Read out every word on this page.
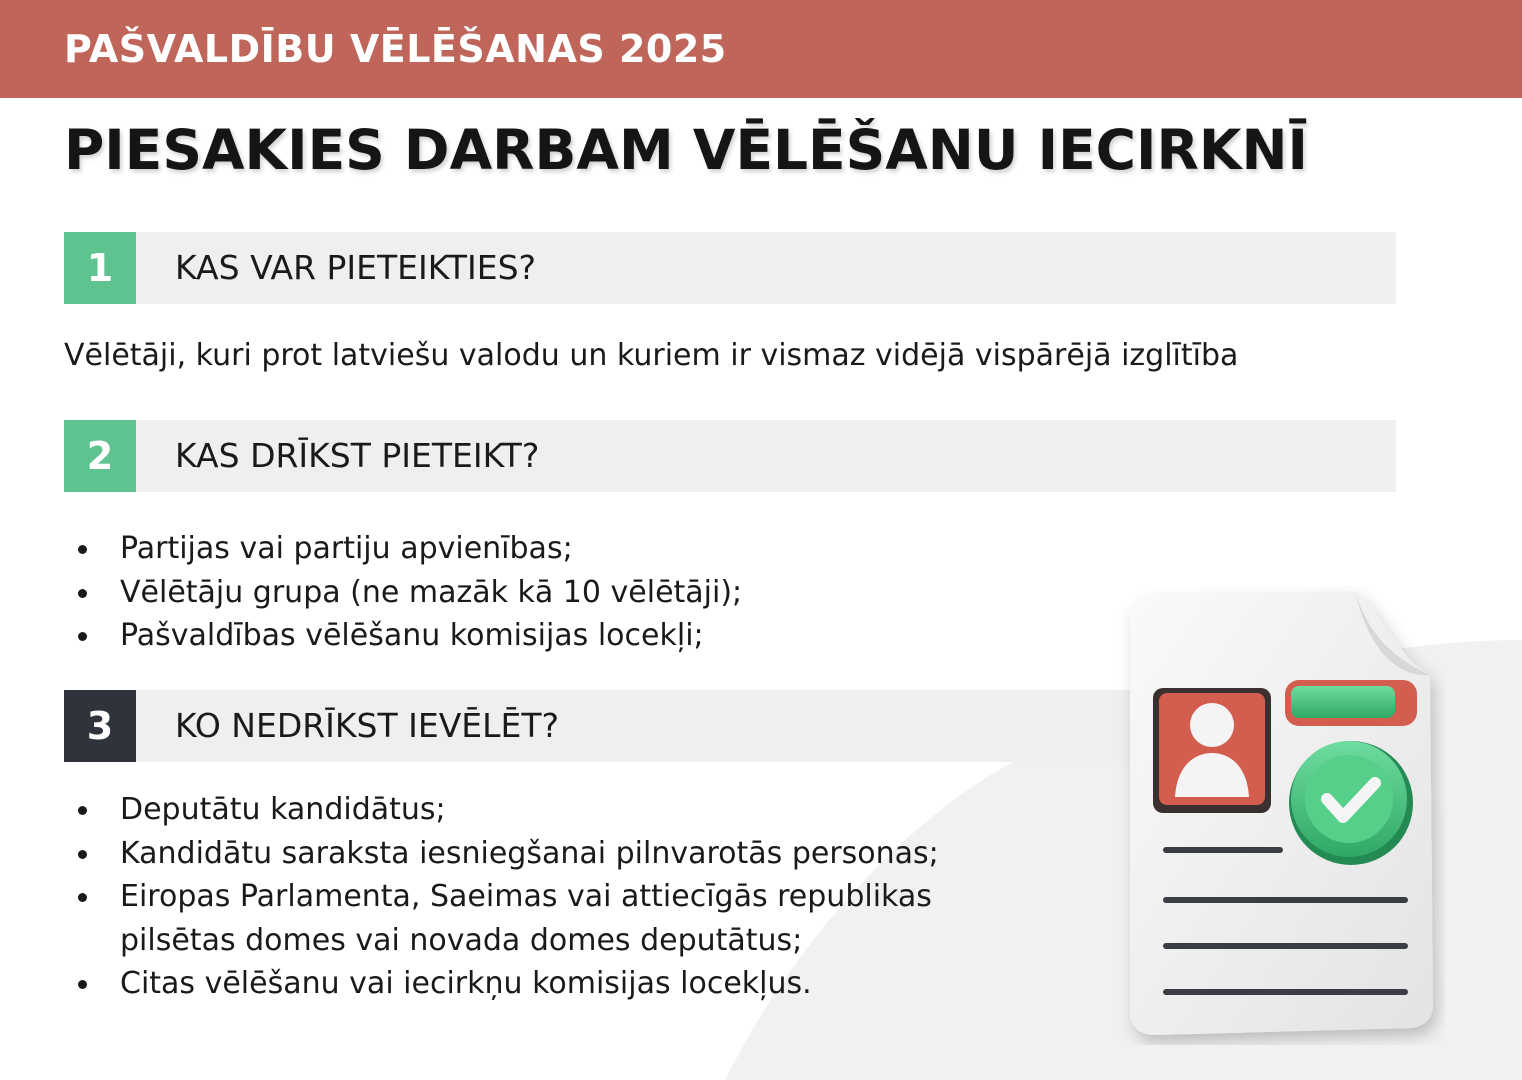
PAŠVALDĪBU VĒLĒŠANAS 2025
PIESAKIES DARBAM VĒLĒŠANU IECIRKNĪ
1	KAS VAR PIETEIKTIES?
Vēlētāji, kuri prot latviešu valodu un kuriem ir vismaz vidējā vispārējā izglītība
2	KAS DRĪKST PIETEIKT?
Partijas vai partiju apvienības;
Vēlētāju grupa (ne mazāk kā 10 vēlētāji);
Pašvaldības vēlēšanu komisijas locekļi;
3	KO NEDRĪKST IEVĒLĒT?
Deputātu kandidātus;
Kandidātu saraksta iesniegšanai pilnvarotās personas;
Eiropas Parlamenta, Saeimas vai attiecīgās republikas
pilsētas domes vai novada domes deputātus;
Citas vēlēšanu vai iecirkņu komisijas locekļus.
